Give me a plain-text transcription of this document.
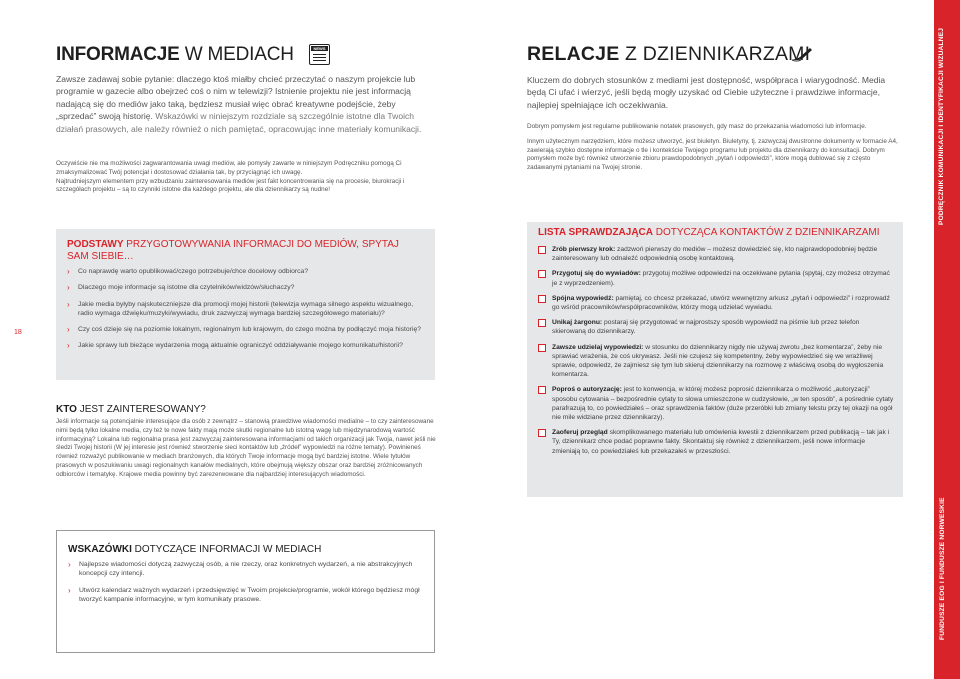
PODRĘCZNIK KOMUNIKACJI I IDENTYFIKACJI WIZUALNEJ
FUNDUSZE EOG I FUNDUSZE NORWESKIE
18	19
INFORMACJE W MEDIACH	NEWS
Zawsze zadawaj sobie pytanie: dlaczego ktoś miałby chcieć przeczytać o naszym projekcie lub programie w gazecie albo obejrzeć coś o nim w telewizji? Istnienie projektu nie jest informacją nadającą się do mediów jako taką, będziesz musiał więc obrać kreatywne podejście, żeby „sprzedać” swoją historię. Wskazówki w niniejszym rozdziale są szczególnie istotne dla Twoich działań prasowych, ale należy również o nich pamiętać, opracowując inne materiały komunikacji.

Oczywiście nie ma możliwości zagwarantowania uwagi mediów, ale pomysły zawarte w niniejszym Podręczniku pomogą Ci zmaksymalizować Twój potencjał i dostosować działania tak, by przyciągnąć ich uwagę.

Najtrudniejszym elementem przy wzbudzaniu zainteresowania mediów jest fakt koncentrowania się na procesie, biurokracji i szczegółach projektu – są to czynniki istotne dla każdego projektu, ale dla dziennikarzy są nudne!

PODSTAWY PRZYGOTOWYWANIA INFORMACJI DO MEDIÓW, SPYTAJ SAM SIEBIE…
› Co naprawdę warto opublikować/czego potrzebuje/chce docelowy odbiorca?
› Dlaczego moje informacje są istotne dla czytelników/widzów/słuchaczy?
› Jakie media byłyby najskuteczniejsze dla promocji mojej historii (telewizja wymaga silnego aspektu wizualnego, radio wymaga dźwięku/muzyki/wywiadu, druk zazwyczaj wymaga bardziej szczegółowego materiału)?
› Czy coś dzieje się na poziomie lokalnym, regionalnym lub krajowym, do czego można by podłączyć moja historię?
› Jakie sprawy lub bieżące wydarzenia mogą aktualnie ograniczyć oddziaływanie mojego komunikatu/historii?
KTO JEST ZAINTERESOWANY?
Jeśli informacje są potencjalnie interesujące dla osób z zewnątrz – stanowią prawdziwe wiadomości medialne – to czy zainteresowane nimi będą tylko lokalne media, czy też te nowe fakty mają może skutki regionalne lub istotną wagę lub międzynarodową wartość informacyjną? Lokalna lub regionalna prasa jest zazwyczaj zainteresowana informacjami od takich organizacji jak Twoja, nawet jeśli nie śledzi Twojej historii (W jej interesie jest również stworzenie sieci kontaktów lub „źródeł” wypowiedzi na różne tematy). Powinieneś również rozważyć publikowanie w mediach branżowych, dla których Twoje informacje mogą być bardziej istotne. Wiele tytułów prasowych w poszukiwaniu uwagi regionalnych kanałów medialnych, które obejmują większy obszar oraz bardziej zróżnicowanych odbiorców i tematykę. Krajowe media powinny być zarezerwowane dla najbardziej interesujących wiadomości.
WSKAZÓWKI DOTYCZĄCE INFORMACJI W MEDIACH
› Najlepsze wiadomości dotyczą zazwyczaj osób, a nie rzeczy, oraz konkretnych wydarzeń, a nie abstrakcyjnych koncepcji czy intencji.
› Utwórz kalendarz ważnych wydarzeń i przedsięwzięć w Twoim projekcie/programie, wokół którego będziesz mógł tworzyć kampanie informacyjne, w tym komunikaty prasowe.
RELACJE Z DZIENNIKARZAMI
Kluczem do dobrych stosunków z mediami jest dostępność, współpraca i wiarygodność. Media będą Ci ufać i wierzyć, jeśli będą mogły uzyskać od Ciebie użyteczne i prawdziwe informacje, najlepiej spełniające ich oczekiwania.

Dobrym pomysłem jest regularne publikowanie notatek prasowych, gdy masz do przekazania wiadomości lub informacje.

Innym użytecznym narzędziem, które możesz utworzyć, jest biuletyn. Biuletyny, tj. zazwyczaj dwustronne dokumenty w formacie A4, zawierają szybko dostępne informacje o tle i kontekście Twojego programu lub projektu dla dziennikarzy do konsultacji. Dobrym pomysłem może być również utworzenie zbioru prawdopodobnych „pytań i odpowiedzi”, które mogą dublować się z często zadawanymi pytaniami na Twojej stronie.

LISTA SPRAWDZAJĄCA DOTYCZĄCA KONTAKTÓW Z DZIENNIKARZAMI
Zrób pierwszy krok: zadzwoń pierwszy do mediów – możesz dowiedzieć się, kto najprawdopodobniej będzie zainteresowany lub odnaleźć odpowiednią osobę kontaktową.
Przygotuj się do wywiadów: przygotuj możliwe odpowiedzi na oczekiwane pytania (spytaj, czy możesz otrzymać je z wyprzedzeniem).
Spójna wypowiedź: pamiętaj, co chcesz przekazać, utwórz wewnętrzny arkusz „pytań i odpowiedzi” i rozprowadź go wśród pracowników/współpracowników, którzy mogą udzielać wywiadu.
Unikaj żargonu: postaraj się przygotować w najprostszy sposób wypowiedź na piśmie lub przez telefon skierowaną do dziennikarzy.
Zawsze udzielaj wypowiedzi: w stosunku do dziennikarzy nigdy nie używaj zwrotu „bez komentarza”, żeby nie sprawiać wrażenia, że coś ukrywasz. Jeśli nie czujesz się kompetentny, żeby wypowiedzieć się we wrażliwej sprawie, odpowiedz, że zajmiesz się tym lub skieruj dziennikarzy na rozmowę z właściwą osobą do wygłoszenia komentarza.
Poproś o autoryzację: jest to konwencja, w której możesz poprosić dziennikarza o możliwość „autoryzacji” sposobu cytowania – bezpośrednie cytaty to słowa umieszczone w cudzysłowie, „w ten sposób”, a pośrednie cytaty parafrazują to, co powiedziałeś – oraz sprawdzenia faktów (duże przeróbki lub zmiany tekstu przy tej okazji na ogół nie mile widziane przez dziennikarzy).
Zaoferuj przegląd skomplikowanego materiału lub omówienia kwestii z dziennikarzem przed publikacją – tak jak i Ty, dziennikarz chce podać poprawne fakty. Skontaktuj się również z dziennikarzem, jeśli nowe informacje zmieniają to, co powiedziałeś lub przekazałeś w przeszłości.
